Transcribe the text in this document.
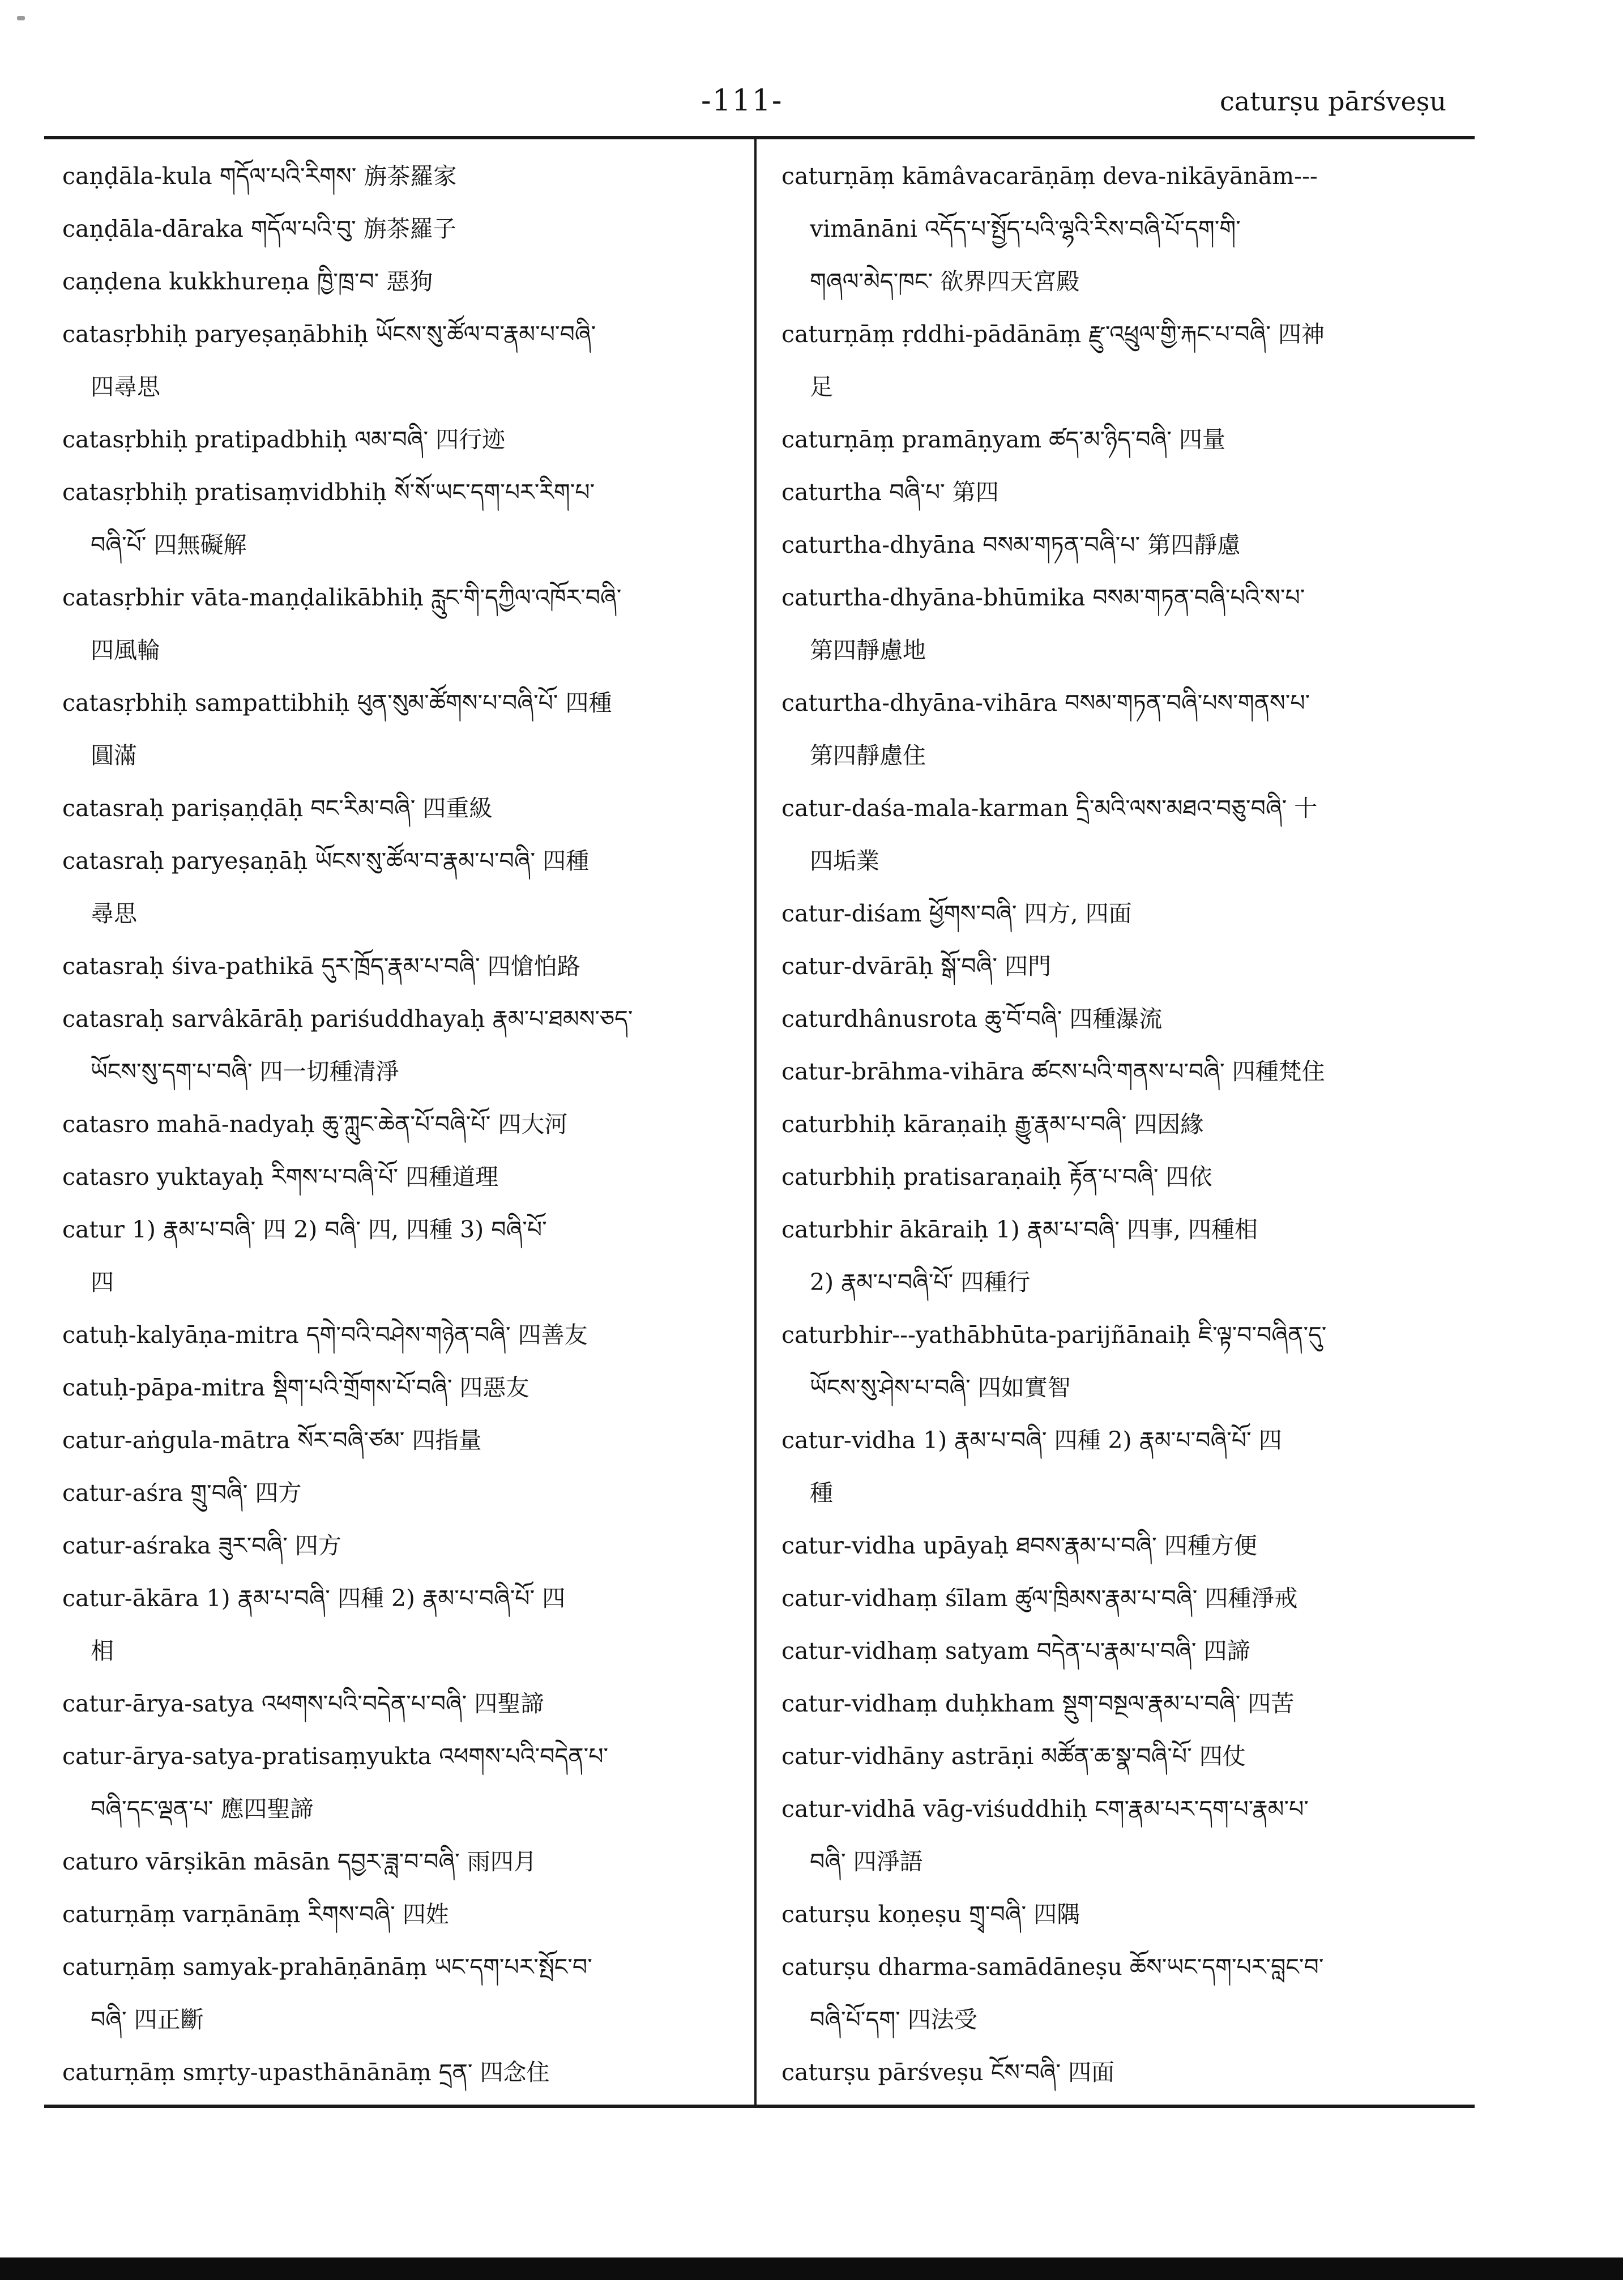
-111-	caturṣu pārśveṣu
caṇḍāla-kula གདོལ་པའི་རིགས་ 旃茶羅家
caṇḍāla-dāraka གདོལ་པའི་བུ་ 旃茶羅子
caṇḍena kukkhureṇa ཁྱི་ཁྲ་བ་ 惡狗
catasṛbhiḥ paryeṣaṇābhiḥ ཡོངས་སུ་ཚོལ་བ་རྣམ་པ་བཞི་
四尋思
catasṛbhiḥ pratipadbhiḥ ལམ་བཞི་ 四行迹
catasṛbhiḥ pratisaṃvidbhiḥ སོ་སོ་ཡང་དག་པར་རིག་པ་
བཞི་པོ་ 四無礙解
catasṛbhir vāta-maṇḍalikābhiḥ རླུང་གི་དཀྱིལ་འཁོར་བཞི་
四風輪
catasṛbhiḥ sampattibhiḥ ཕུན་སུམ་ཚོགས་པ་བཞི་པོ་ 四種
圓滿
catasraḥ pariṣaṇḍāḥ བང་རིམ་བཞི་ 四重級
catasraḥ paryeṣaṇāḥ ཡོངས་སུ་ཚོལ་བ་རྣམ་པ་བཞི་ 四種
尋思
catasraḥ śiva-pathikā དུར་ཁྲོད་རྣམ་པ་བཞི་ 四愴怕路
catasraḥ sarvâkārāḥ pariśuddhayaḥ རྣམ་པ་ཐམས་ཅད་
ཡོངས་སུ་དག་པ་བཞི་ 四一切種清淨
catasro mahā-nadyaḥ ཆུ་ཀླུང་ཆེན་པོ་བཞི་པོ་ 四大河
catasro yuktayaḥ རིགས་པ་བཞི་པོ་ 四種道理
catur 1) རྣམ་པ་བཞི་ 四 2) བཞི་ 四, 四種 3) བཞི་པོ་
四
catuḥ-kalyāṇa-mitra དགེ་བའི་བཤེས་གཉེན་བཞི་ 四善友
catuḥ-pāpa-mitra སྡིག་པའི་གྲོགས་པོ་བཞི་ 四惡友
catur-aṅgula-mātra སོར་བཞི་ཙམ་ 四指量
catur-aśra གྲུ་བཞི་ 四方
catur-aśraka ཟུར་བཞི་ 四方
catur-ākāra 1) རྣམ་པ་བཞི་ 四種 2) རྣམ་པ་བཞི་པོ་ 四
相
catur-ārya-satya འཕགས་པའི་བདེན་པ་བཞི་ 四聖諦
catur-ārya-satya-pratisaṃyukta འཕགས་པའི་བདེན་པ་
བཞི་དང་ལྡན་པ་ 應四聖諦
caturo vārṣikān māsān དབྱར་ཟླ་བ་བཞི་ 雨四月
caturṇāṃ varṇānāṃ རིགས་བཞི་ 四姓
caturṇāṃ samyak-prahāṇānāṃ ཡང་དག་པར་སྤོང་བ་
བཞི་ 四正斷
caturṇāṃ smṛty-upasthānānāṃ དྲན་ 四念住
caturṇāṃ kāmâvacarāṇāṃ deva-nikāyānām---
vimānāni འདོད་པ་སྤྱོད་པའི་ལྷའི་རིས་བཞི་པོ་དག་གི་
གཞལ་མེད་ཁང་ 欲界四天宮殿
caturṇāṃ ṛddhi-pādānāṃ རྫུ་འཕྲུལ་གྱི་རྐང་པ་བཞི་ 四神
足
caturṇāṃ pramāṇyam ཚད་མ་ཉིད་བཞི་ 四量
caturtha བཞི་པ་ 第四
caturtha-dhyāna བསམ་གཏན་བཞི་པ་ 第四靜慮
caturtha-dhyāna-bhūmika བསམ་གཏན་བཞི་པའི་ས་པ་
第四靜慮地
caturtha-dhyāna-vihāra བསམ་གཏན་བཞི་པས་གནས་པ་
第四靜慮住
catur-daśa-mala-karman དྲི་མའི་ལས་མཐའ་བཅུ་བཞི་ 十
四垢業
catur-diśam ཕྱོགས་བཞི་ 四方, 四面
catur-dvārāḥ སྒོ་བཞི་ 四門
caturdhânusrota ཆུ་བོ་བཞི་ 四種瀑流
catur-brāhma-vihāra ཚངས་པའི་གནས་པ་བཞི་ 四種梵住
caturbhiḥ kāraṇaiḥ རྒྱུ་རྣམ་པ་བཞི་ 四因緣
caturbhiḥ pratisaraṇaiḥ རྟོན་པ་བཞི་ 四依
caturbhir ākāraiḥ 1) རྣམ་པ་བཞི་ 四事, 四種相
2) རྣམ་པ་བཞི་པོ་ 四種行
caturbhir---yathābhūta-parijñānaiḥ ཇི་ལྟ་བ་བཞིན་དུ་
ཡོངས་སུ་ཤེས་པ་བཞི་ 四如實智
catur-vidha 1) རྣམ་པ་བཞི་ 四種 2) རྣམ་པ་བཞི་པོ་ 四
種
catur-vidha upāyaḥ ཐབས་རྣམ་པ་བཞི་ 四種方便
catur-vidhaṃ śīlam ཚུལ་ཁྲིམས་རྣམ་པ་བཞི་ 四種淨戒
catur-vidhaṃ satyam བདེན་པ་རྣམ་པ་བཞི་ 四諦
catur-vidhaṃ duḥkham སྡུག་བསྔལ་རྣམ་པ་བཞི་ 四苦
catur-vidhāny astrāṇi མཚོན་ཆ་སྣ་བཞི་པོ་ 四仗
catur-vidhā vāg-viśuddhiḥ ངག་རྣམ་པར་དག་པ་རྣམ་པ་
བཞི་ 四淨語
caturṣu koṇeṣu གྲྭ་བཞི་ 四隅
caturṣu dharma-samādāneṣu ཆོས་ཡང་དག་པར་བླང་བ་
བཞི་པོ་དག་ 四法受
caturṣu pārśveṣu ངོས་བཞི་ 四面
